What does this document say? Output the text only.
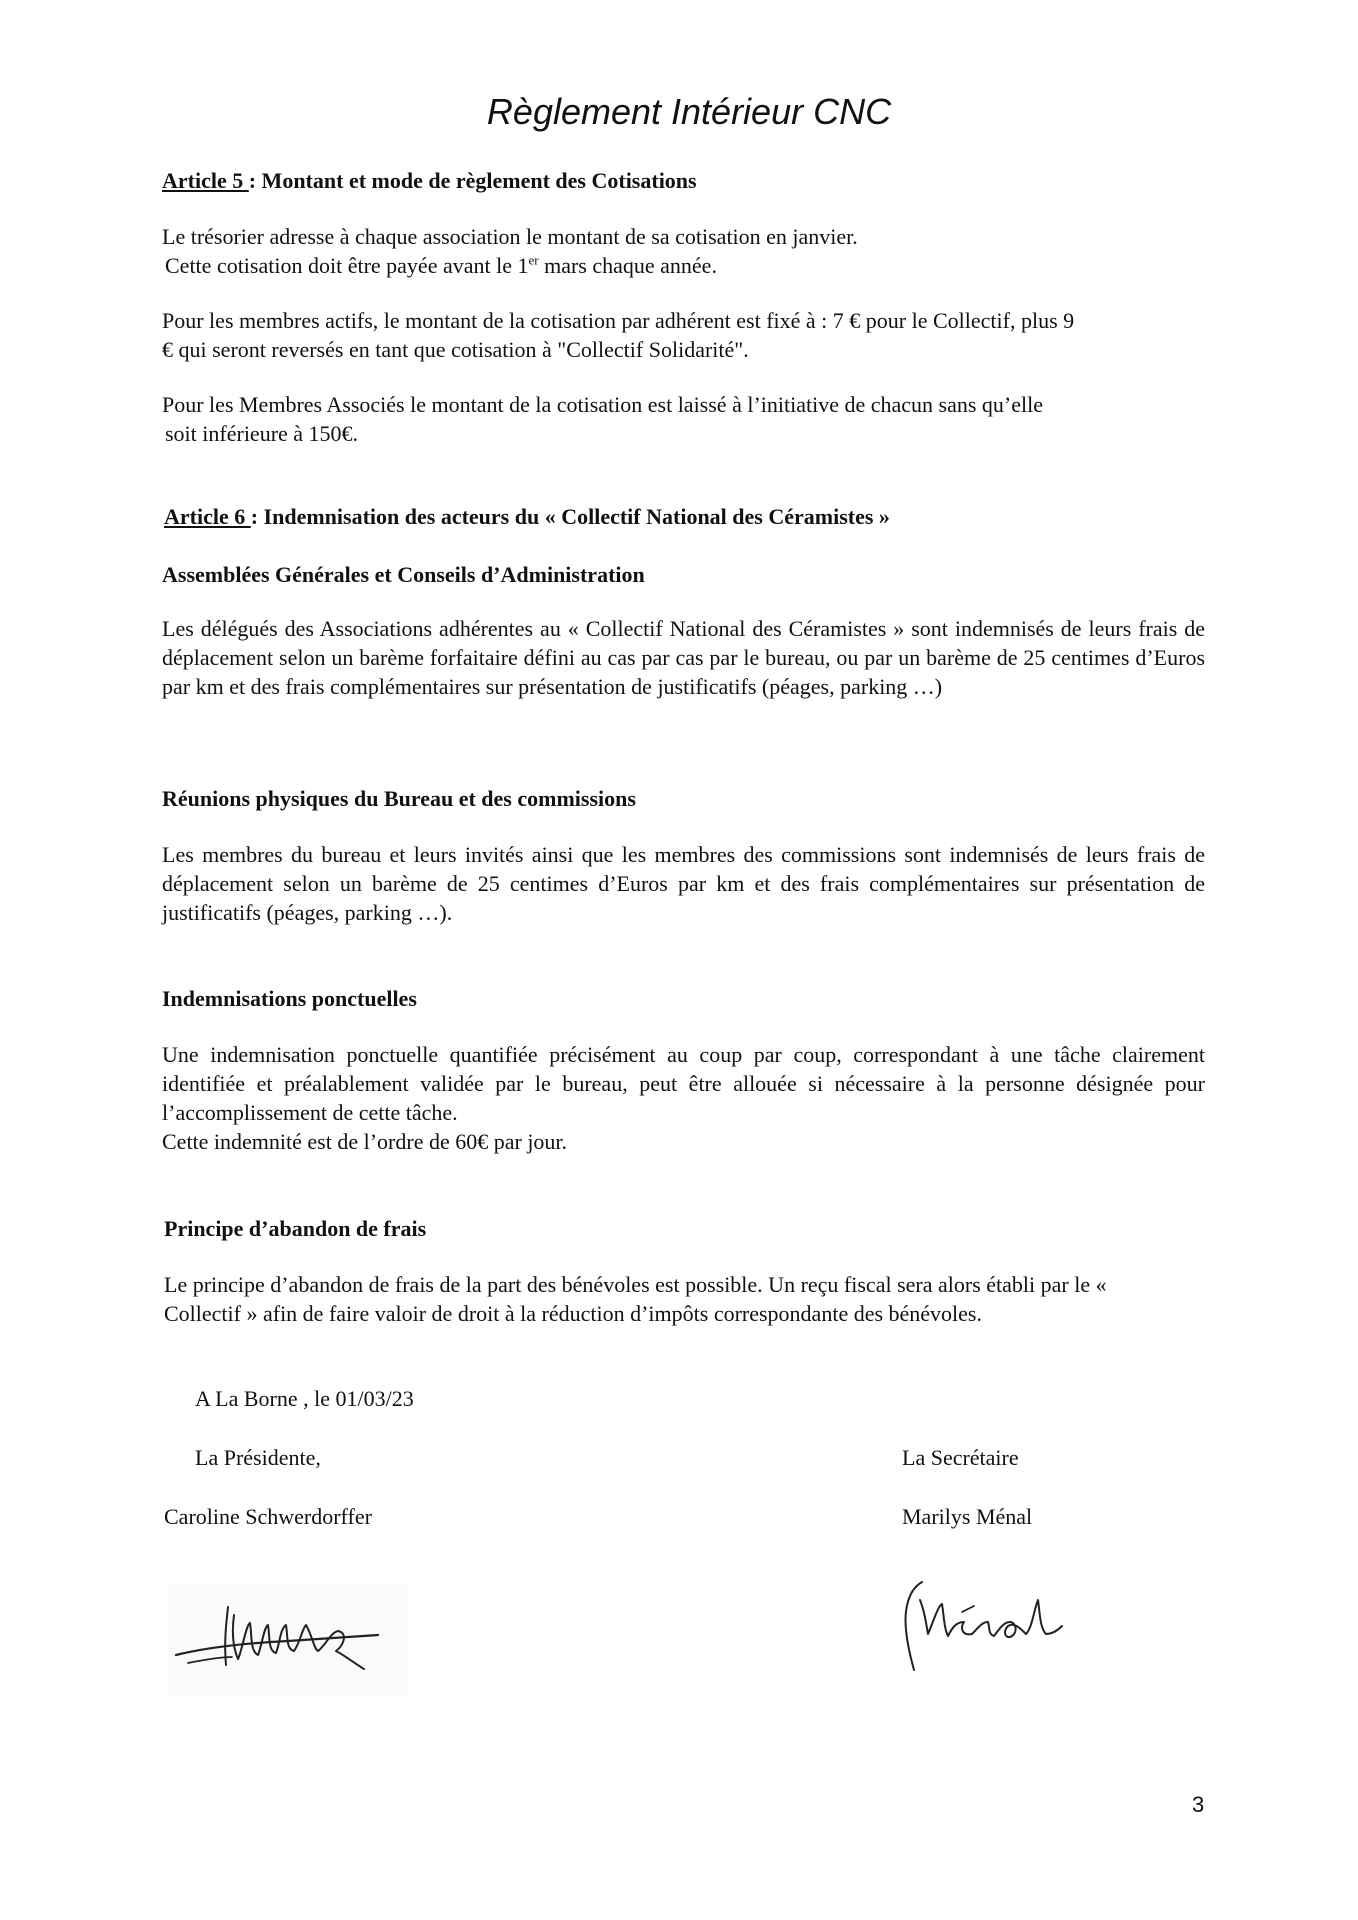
Règlement Intérieur CNC
Article 5 : Montant et mode de règlement des Cotisations
Le trésorier adresse à chaque association le montant de sa cotisation en janvier.
Cette cotisation doit être payée avant le 1er mars chaque année.
Pour les membres actifs, le montant de la cotisation par adhérent est fixé à : 7 € pour le Collectif, plus 9
€ qui seront reversés en tant que cotisation à "Collectif Solidarité".
Pour les Membres Associés le montant de la cotisation est laissé à l’initiative de chacun sans qu’elle
soit inférieure à 150€.
Article 6 : Indemnisation des acteurs du « Collectif National des Céramistes »
Assemblées Générales et Conseils d’Administration
Les délégués des Associations adhérentes au « Collectif National des Céramistes » sont indemnisés de leurs frais de déplacement selon un barème forfaitaire défini au cas par cas par le bureau, ou par un barème de 25 centimes d’Euros par km et des frais complémentaires sur présentation de justificatifs (péages, parking …)
Réunions physiques du Bureau et des commissions
Les membres du bureau et leurs invités ainsi que les membres des commissions sont indemnisés de leurs frais de déplacement selon un barème de 25 centimes d’Euros par km et des frais complémentaires sur présentation de justificatifs (péages, parking …).
Indemnisations ponctuelles
Une indemnisation ponctuelle quantifiée précisément au coup par coup, correspondant à une tâche clairement identifiée et préalablement validée par le bureau, peut être allouée si nécessaire à la personne désignée pour l’accomplissement de cette tâche.
Cette indemnité est de l’ordre de 60€ par jour.
Principe d’abandon de frais
Le principe d’abandon de frais de la part des bénévoles est possible. Un reçu fiscal sera alors établi par le « Collectif » afin de faire valoir de droit à la réduction d’impôts correspondante des bénévoles.
A La Borne , le 01/03/23
La Présidente,	La Secrétaire
Caroline Schwerdorffer	Marilys Ménal
3
